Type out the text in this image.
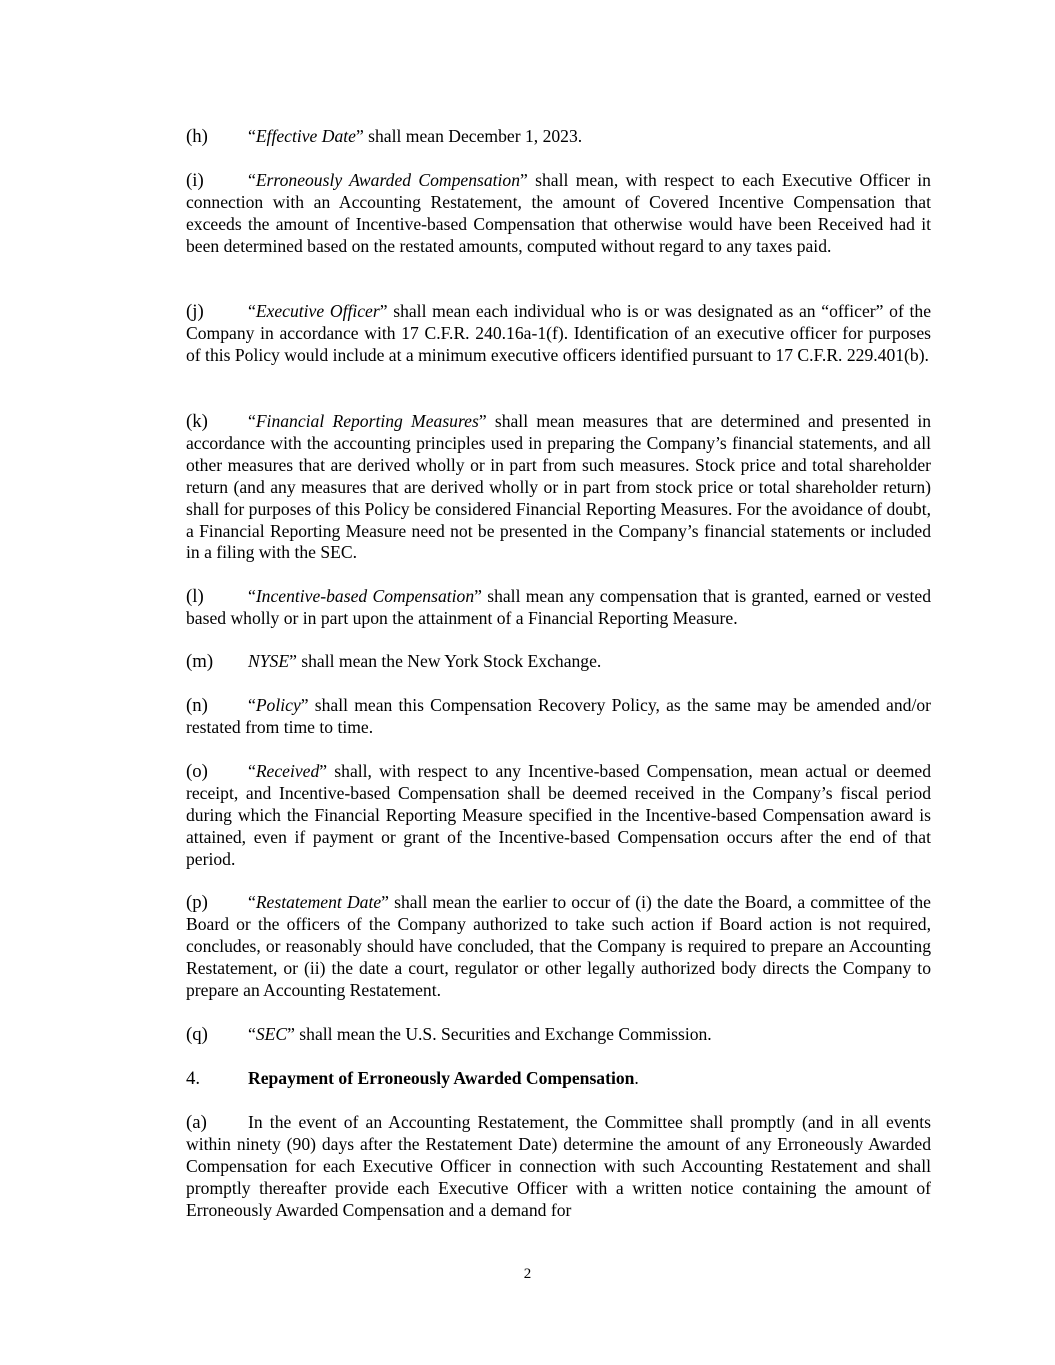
(h) “Effective Date” shall mean December 1, 2023.

(i)	“Erroneously Awarded Compensation” shall mean, with respect to each Executive Officer in connection with an Accounting Restatement, the amount of Covered Incentive Compensation that exceeds the amount of Incentive-based Compensation that otherwise would have been Received had it been determined based on the restated amounts, computed without regard to any taxes paid.

(j)	“Executive Officer” shall mean each individual who is or was designated as an “officer” of the Company in accordance with 17 C.F.R. 240.16a-1(f). Identification of an executive officer for purposes of this Policy would include at a minimum executive officers identified pursuant to 17 C.F.R. 229.401(b).

(k) “Financial Reporting Measures” shall mean measures that are determined and presented in accordance with the accounting principles used in preparing the Company’s financial statements, and all other measures that are derived wholly or in part from such measures. Stock price and total shareholder return (and any measures that are derived wholly or in part from stock price or total shareholder return) shall for purposes of this Policy be considered Financial Reporting Measures. For the avoidance of doubt, a Financial Reporting Measure need not be presented in the Company’s financial statements or included in a filing with the SEC.

(l)	“Incentive-based Compensation” shall mean any compensation that is granted, earned or vested based wholly or in part upon the attainment of a Financial Reporting Measure.

(m) NYSE” shall mean the New York Stock Exchange.

(n) “Policy” shall mean this Compensation Recovery Policy, as the same may be amended and/or restated from time to time.

(o) “Received” shall, with respect to any Incentive-based Compensation, mean actual or deemed receipt, and Incentive-based Compensation shall be deemed received in the Company’s fiscal period during which the Financial Reporting Measure specified in the Incentive-based Compensation award is attained, even if payment or grant of the Incentive-based Compensation occurs after the end of that period.

(p) “Restatement Date” shall mean the earlier to occur of (i) the date the Board, a committee of the Board or the officers of the Company authorized to take such action if Board action is not required, concludes, or reasonably should have concluded, that the Company is required to prepare an Accounting Restatement, or (ii) the date a court, regulator or other legally authorized body directs the Company to prepare an Accounting Restatement.

(q) “SEC” shall mean the U.S. Securities and Exchange Commission.

4.	Repayment of Erroneously Awarded Compensation.

(a) In the event of an Accounting Restatement, the Committee shall promptly (and in all events within ninety (90) days after the Restatement Date) determine the amount of any Erroneously Awarded Compensation for each Executive Officer in connection with such Accounting Restatement and shall promptly thereafter provide each Executive Officer with a written notice containing the amount of Erroneously Awarded Compensation and a demand for

2
